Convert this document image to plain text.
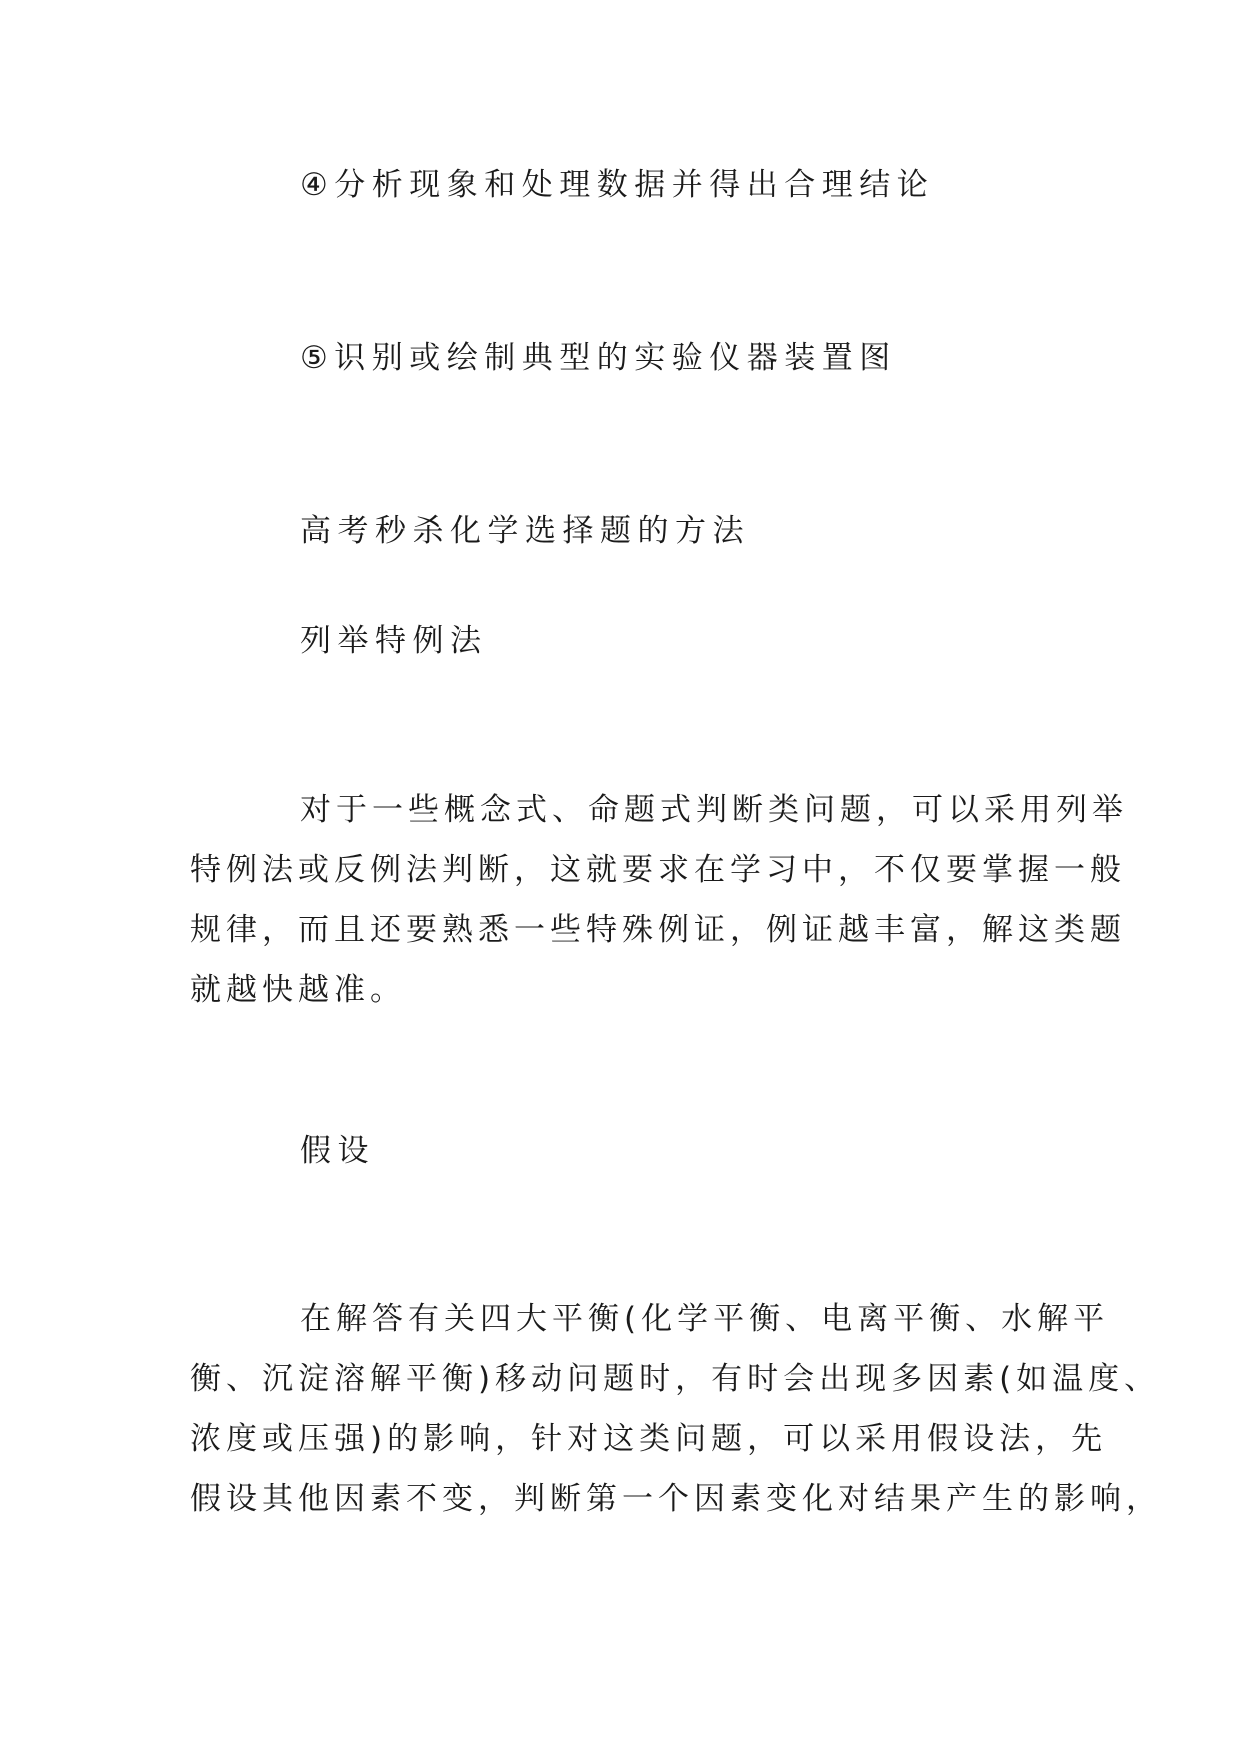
④分析现象和处理数据并得出合理结论
⑤识别或绘制典型的实验仪器装置图
高考秒杀化学选择题的方法
列举特例法
对于一些概念式、命题式判断类问题，可以采用列举
特例法或反例法判断，这就要求在学习中，不仅要掌握一般
规律，而且还要熟悉一些特殊例证，例证越丰富，解这类题
就越快越准。
假设
在解答有关四大平衡(化学平衡、电离平衡、水解平
衡、沉淀溶解平衡)移动问题时，有时会出现多因素(如温度、
浓度或压强)的影响，针对这类问题，可以采用假设法，先
假设其他因素不变，判断第一个因素变化对结果产生的影响，
